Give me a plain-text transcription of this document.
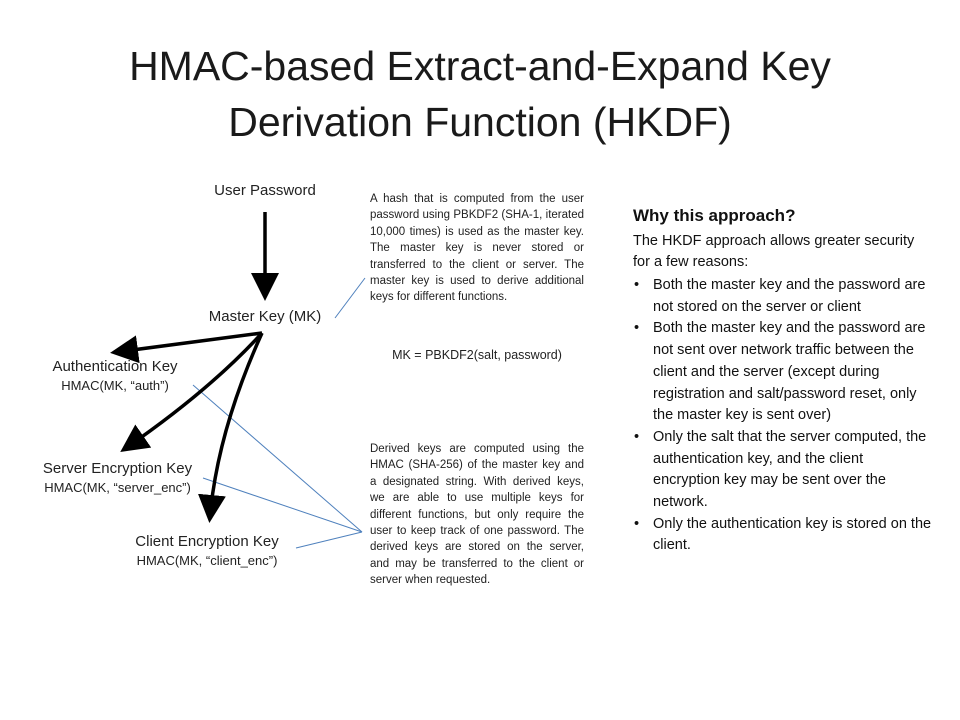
HMAC-based Extract-and-Expand Key
Derivation Function (HKDF)
User Password
Master Key (MK)
Authentication Key
HMAC(MK, “auth”)
Server Encryption Key
HMAC(MK, “server_enc”)
Client Encryption Key
HMAC(MK, “client_enc”)
A hash that is computed from the user password using PBKDF2 (SHA-1, iterated 10,000 times) is used as the master key. The master key is never stored or transferred to the client or server. The master key is used to derive additional keys for different functions.
MK = PBKDF2(salt, password)
Derived keys are computed using the HMAC (SHA-256) of the master key and a designated string. With derived keys, we are able to use multiple keys for different functions, but only require the user to keep track of one password. The derived keys are stored on the server, and may be transferred to the client or server when requested.
Why this approach?
The HKDF approach allows greater security for a few reasons:
• Both the master key and the password are not stored on the server or client
• Both the master key and the password are not sent over network traffic between the client and the server (except during registration and salt/password reset, only the master key is sent over)
• Only the salt that the server computed, the authentication key, and the client encryption key may be sent over the network.
• Only the authentication key is stored on the client.
